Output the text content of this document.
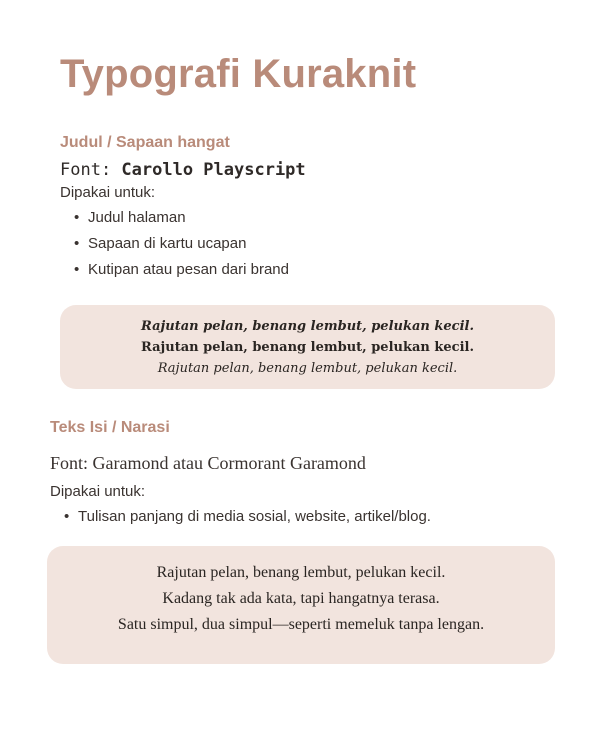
Typografi Kuraknit
Judul / Sapaan hangat
Font: Carollo Playscript
Dipakai untuk:
• Judul halaman
• Sapaan di kartu ucapan
• Kutipan atau pesan dari brand
Rajutan pelan, benang lembut, pelukan kecil.
Rajutan pelan, benang lembut, pelukan kecil.
Rajutan pelan, benang lembut, pelukan kecil.
Teks Isi / Narasi
Font: Garamond atau Cormorant Garamond
Dipakai untuk:
• Tulisan panjang di media sosial, website, artikel/blog.
Rajutan pelan, benang lembut, pelukan kecil.
Kadang tak ada kata, tapi hangatnya terasa.
Satu simpul, dua simpul—seperti memeluk tanpa lengan.
